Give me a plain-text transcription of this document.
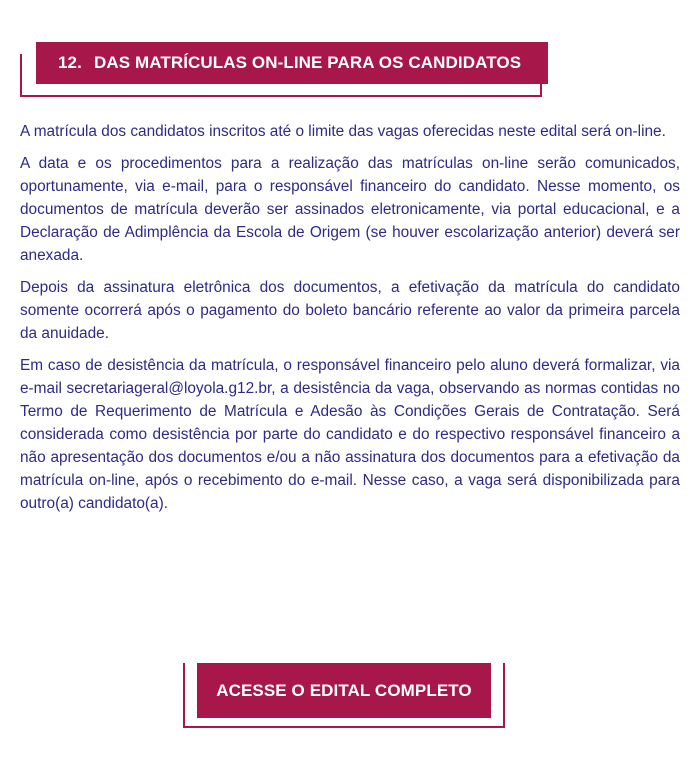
12. DAS MATRÍCULAS ON-LINE PARA OS CANDIDATOS

A matrícula dos candidatos inscritos até o limite das vagas oferecidas neste edital será on-line.

A data e os procedimentos para a realização das matrículas on-line serão comunicados, oportunamente, via e-mail, para o responsável financeiro do candidato. Nesse momento, os documentos de matrícula deverão ser assinados eletronicamente, via portal educacional, e a Declaração de Adimplência da Escola de Origem (se houver escolarização anterior) deverá ser anexada.

Depois da assinatura eletrônica dos documentos, a efetivação da matrícula do candidato somente ocorrerá após o pagamento do boleto bancário referente ao valor da primeira parcela da anuidade.

Em caso de desistência da matrícula, o responsável financeiro pelo aluno deverá formalizar, via e-mail secretariageral@loyola.g12.br, a desistência da vaga, observando as normas contidas no Termo de Requerimento de Matrícula e Adesão às Condições Gerais de Contratação. Será considerada como desistência por parte do candidato e do respectivo responsável financeiro a não apresentação dos documentos e/ou a não assinatura dos documentos para a efetivação da matrícula on-line, após o recebimento do e-mail. Nesse caso, a vaga será disponibilizada para outro(a) candidato(a).

ACESSE O EDITAL COMPLETO
